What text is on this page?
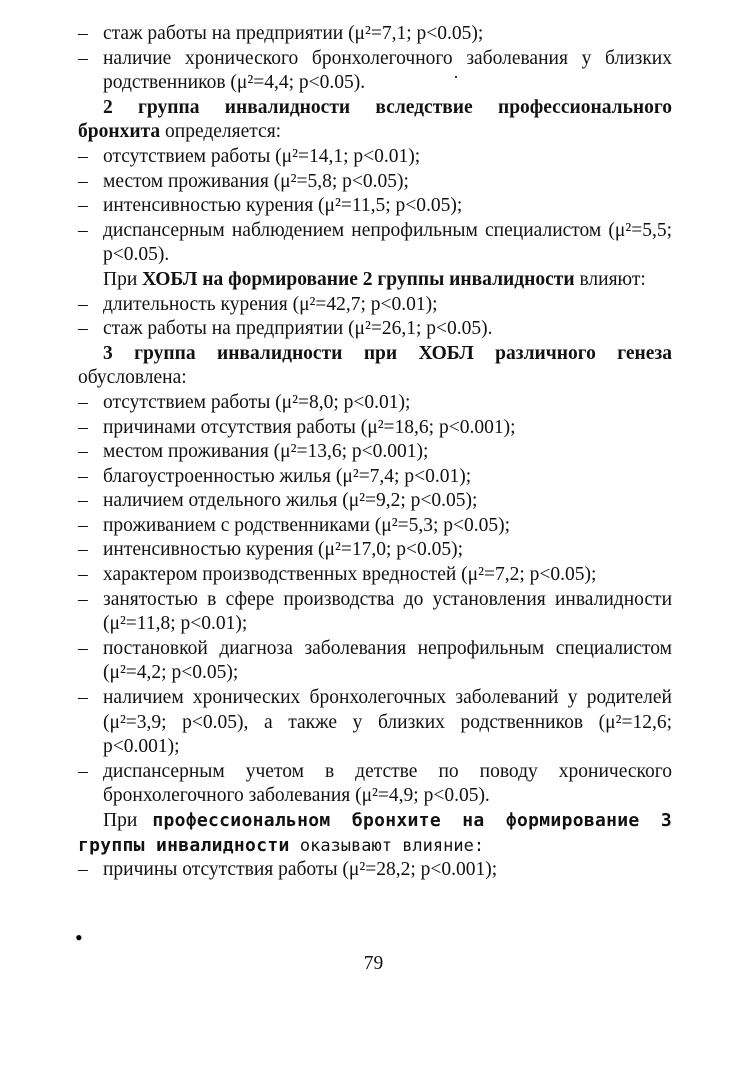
– стаж работы на предприятии (μ²=7,1; p<0.05);
– наличие хронического бронхолегочного заболевания у близких родственников (μ²=4,4; p<0.05).
2 группа инвалидности вследствие профессионального бронхита определяется:
– отсутствием работы (μ²=14,1; p<0.01);
– местом проживания (μ²=5,8; p<0.05);
– интенсивностью курения (μ²=11,5; p<0.05);
– диспансерным наблюдением непрофильным специалистом (μ²=5,5; p<0.05).
При ХОБЛ на формирование 2 группы инвалидности влияют:
– длительность курения (μ²=42,7; p<0.01);
– стаж работы на предприятии (μ²=26,1; p<0.05).
3 группа инвалидности при ХОБЛ различного генеза обусловлена:
– отсутствием работы (μ²=8,0; p<0.01);
– причинами отсутствия работы (μ²=18,6; p<0.001);
– местом проживания (μ²=13,6; p<0.001);
– благоустроенностью жилья (μ²=7,4; p<0.01);
– наличием отдельного жилья (μ²=9,2; p<0.05);
– проживанием с родственниками (μ²=5,3; p<0.05);
– интенсивностью курения (μ²=17,0; p<0.05);
– характером производственных вредностей (μ²=7,2; p<0.05);
– занятостью в сфере производства до установления инвалидности (μ²=11,8; p<0.01);
– постановкой диагноза заболевания непрофильным специалистом (μ²=4,2; p<0.05);
– наличием хронических бронхолегочных заболеваний у родителей (μ²=3,9; p<0.05), а также у близких родственников (μ²=12,6; p<0.001);
– диспансерным учетом в детстве по поводу хронического бронхолегочного заболевания (μ²=4,9; p<0.05).
При профессиональном бронхите на формирование 3 группы инвалидности оказывают влияние:
– причины отсутствия работы (μ²=28,2; p<0.001);
•
79
